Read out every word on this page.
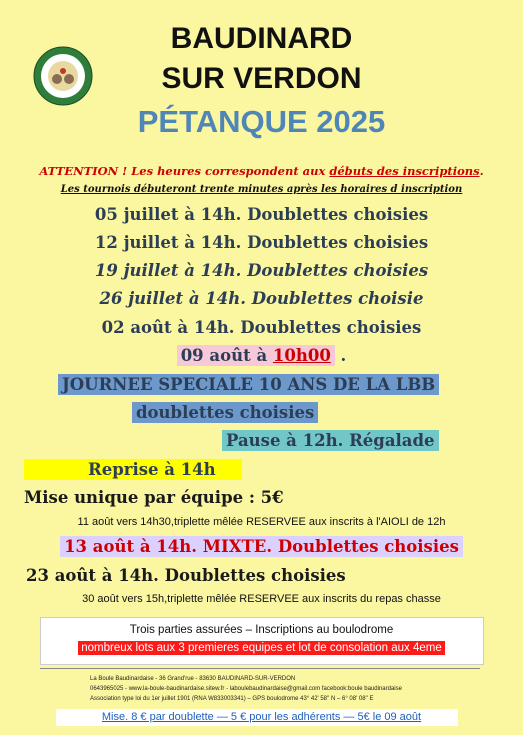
BAUDINARD
SUR VERDON
PÉTANQUE 2025
ATTENTION ! Les heures correspondent aux débuts des inscriptions.
Les tournois débuteront trente minutes après les horaires d inscription
05 juillet à 14h. Doublettes choisies
12 juillet à 14h. Doublettes choisies
19 juillet à 14h. Doublettes choisies
26 juillet à 14h. Doublettes choisie
02 août à 14h. Doublettes choisies
09 août à 10h00 .
JOURNEE SPECIALE 10 ANS DE LA LBB
doublettes choisies
Pause à 12h. Régalade
Reprise à 14h
Mise unique par équipe : 5€
11 août vers 14h30,triplette mêlée RESERVEE aux inscrits à l'AIOLI de 12h
13 août à 14h. MIXTE. Doublettes choisies
23 août à 14h. Doublettes choisies
30 août vers 15h,triplette mêlée RESERVEE aux inscrits du repas chasse
Trois parties assurées – Inscriptions au boulodrome
nombreux lots aux 3 premieres equipes et lot de consolation aux 4eme
La Boule Baudinardaise - 36 Grand'rue - 83630 BAUDINARD-SUR-VERDON
0643965025 - www.la-boule-baudinardaise.sitew.fr - laboulebaudinardaise@gmail.com facebook:boule baudinardaise
Association type loi du 1er juillet 1901 (RNA W833003341) – GPS boulodrome 43° 42' 58'' N – 6° 08' 08'' E
Mise. 8 € par doublette — 5 € pour les adhérents — 5€ le 09 août
